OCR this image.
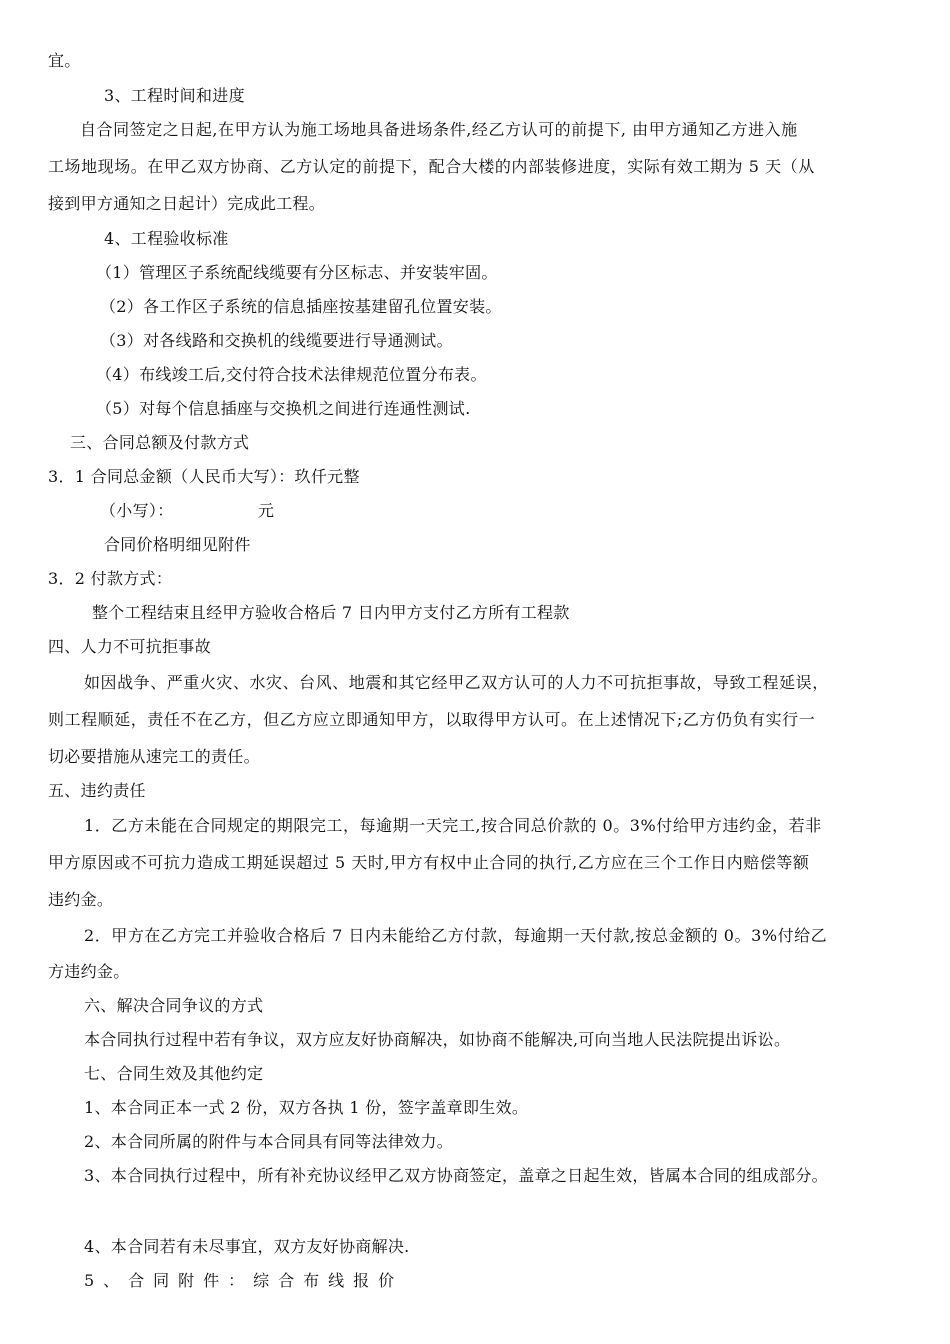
宜。
3、工程时间和进度
自合同签定之日起,在甲方认为施工场地具备进场条件,经乙方认可的前提下, 由甲方通知乙方进入施
工场地现场。在甲乙双方协商、乙方认定的前提下，配合大楼的内部装修进度，实际有效工期为 5 天（从
接到甲方通知之日起计）完成此工程。
4、工程验收标准
（1）管理区子系统配线缆要有分区标志、并安装牢固。
（2）各工作区子系统的信息插座按基建留孔位置安装。
（3）对各线路和交换机的线缆要进行导通测试。
（4）布线竣工后,交付符合技术法律规范位置分布表。
（5）对每个信息插座与交换机之间进行连通性测试.
三、合同总额及付款方式
3．1 合同总金额（人民币大写）：玖仟元整
（小写）：	元
合同价格明细见附件
3．2 付款方式：
整个工程结束且经甲方验收合格后 7 日内甲方支付乙方所有工程款
四、人力不可抗拒事故
如因战争、严重火灾、水灾、台风、地震和其它经甲乙双方认可的人力不可抗拒事故，导致工程延误，
则工程顺延，责任不在乙方，但乙方应立即通知甲方，以取得甲方认可。在上述情况下;乙方仍负有实行一
切必要措施从速完工的责任。
五、违约责任
1．乙方未能在合同规定的期限完工，每逾期一天完工,按合同总价款的 0。3%付给甲方违约金，若非
甲方原因或不可抗力造成工期延误超过 5 天时,甲方有权中止合同的执行,乙方应在三个工作日内赔偿等额
违约金。
2．甲方在乙方完工并验收合格后 7 日内未能给乙方付款，每逾期一天付款,按总金额的 0。3%付给乙
方违约金。
六、解决合同争议的方式
本合同执行过程中若有争议，双方应友好协商解决，如协商不能解决,可向当地人民法院提出诉讼。
七、合同生效及其他约定
1、本合同正本一式 2 份，双方各执 1 份，签字盖章即生效。
2、本合同所属的附件与本合同具有同等法律效力。
3、本合同执行过程中，所有补充协议经甲乙双方协商签定，盖章之日起生效，皆属本合同的组成部分。
4、本合同若有未尽事宜，双方友好协商解决.
5、合同附件：综合布线报价
